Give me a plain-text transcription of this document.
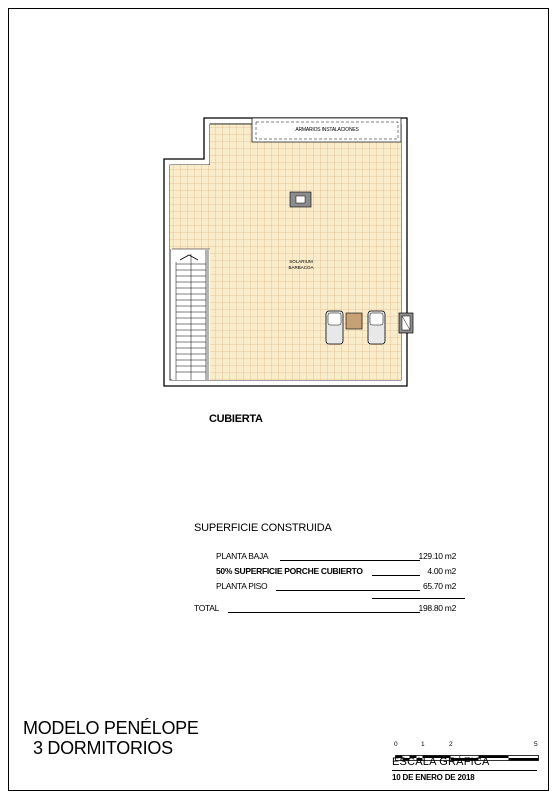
ARMARIOS INSTALACIONES
SOLARIUM
BARBACOA
CUBIERTA
SUPERFICIE CONSTRUIDA
PLANTA BAJA	129.10 m2
50% SUPERFICIE PORCHE CUBIERTO	4.00 m2
PLANTA PISO	65.70 m2
TOTAL	198.80 m2
MODELO PENÉLOPE
3 DORMITORIOS	0	1	2	5
ESCALA GRÁFICA
10 DE ENERO DE 2018
